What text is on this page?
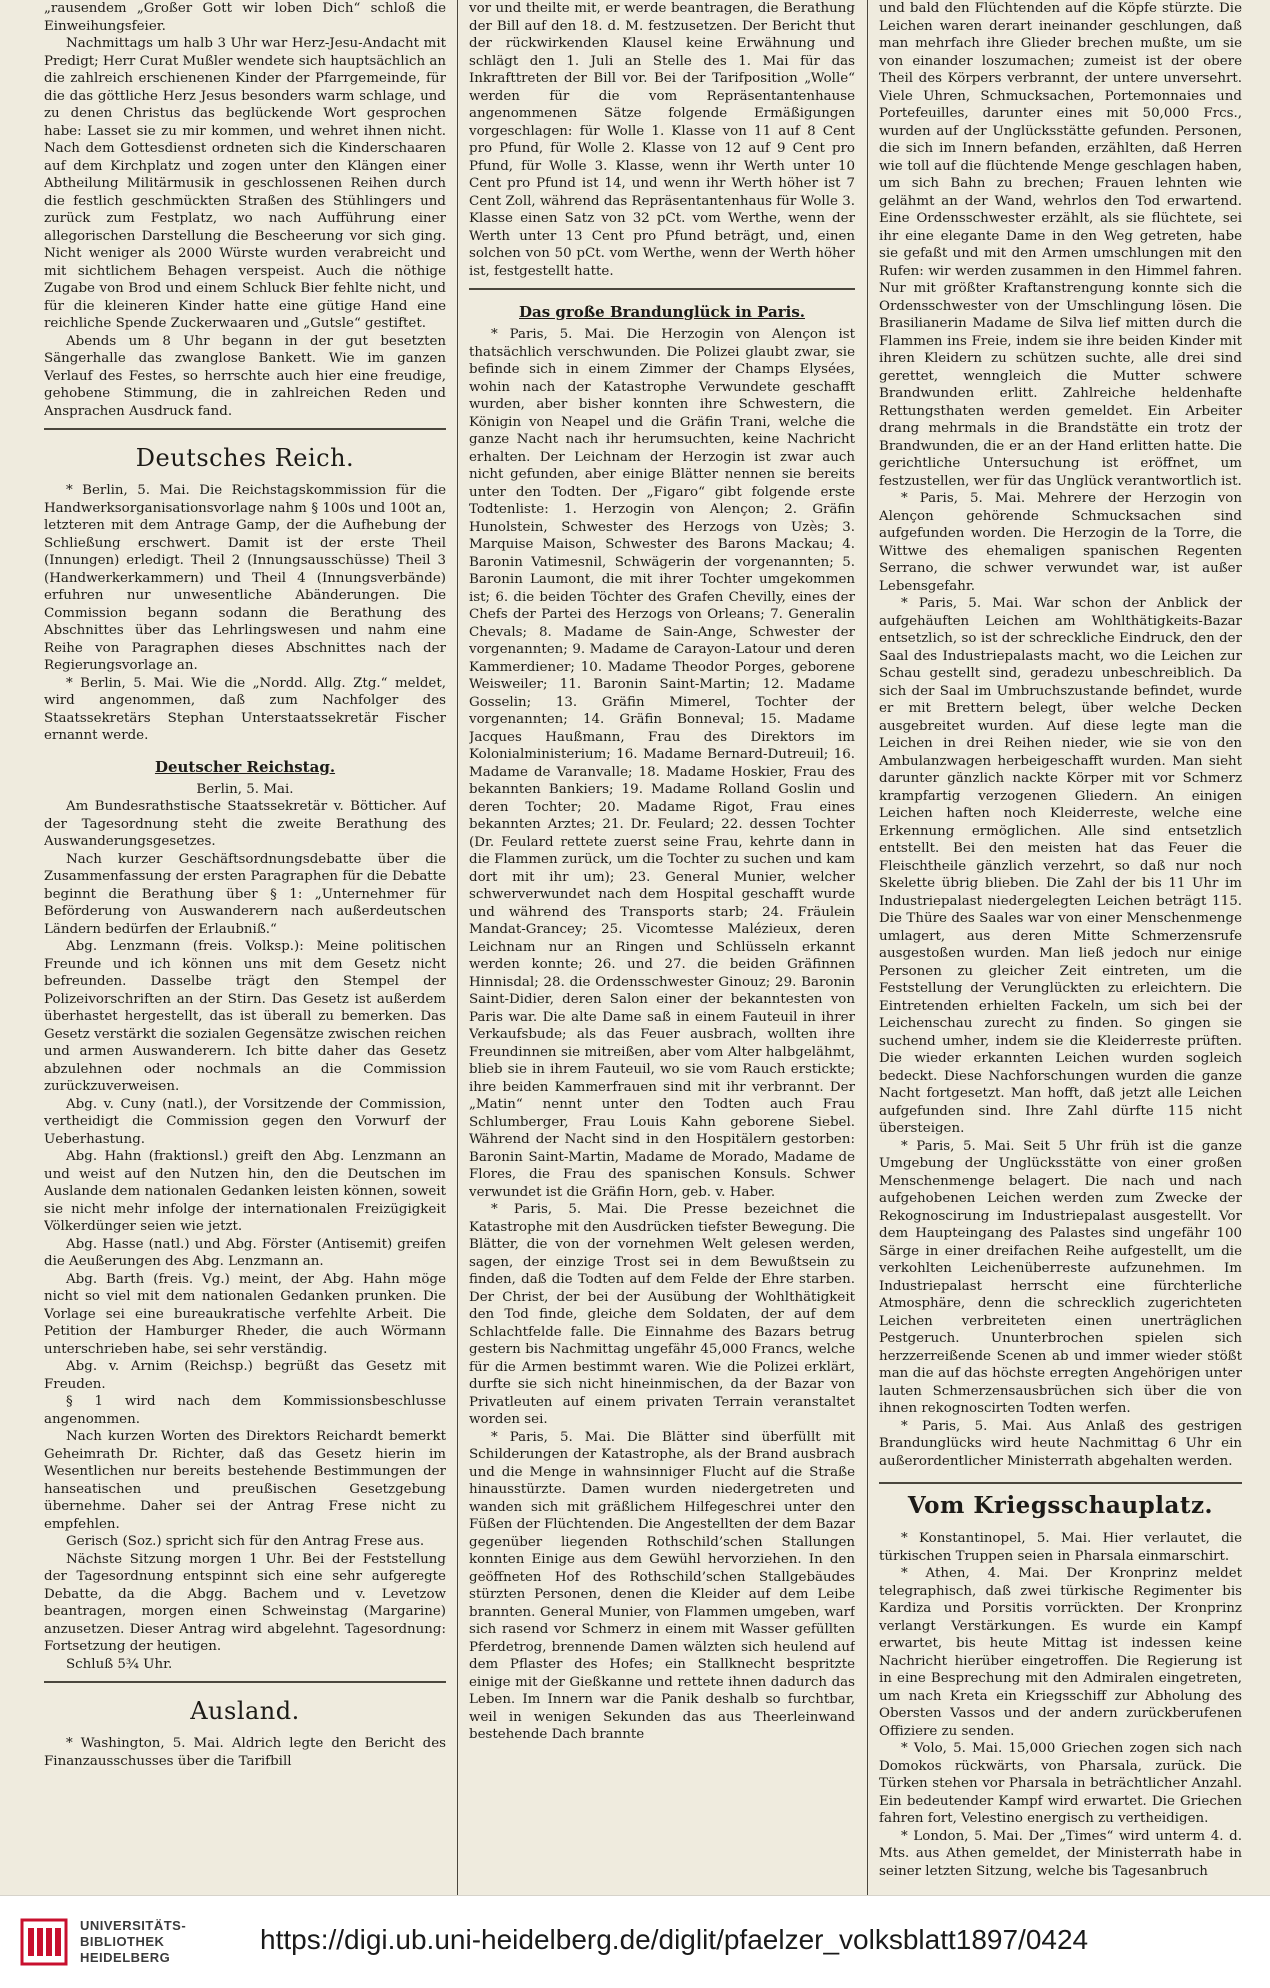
„rausendem „Großer Gott wir loben Dich“ schloß die Einweihungsfeier.

Nachmittags um halb 3 Uhr war Herz-Jesu-Andacht mit Predigt; Herr Curat Mußler wendete sich hauptsächlich an die zahlreich erschienenen Kinder der Pfarrgemeinde, für die das göttliche Herz Jesus besonders warm schlage, und zu denen Christus das beglückende Wort gesprochen habe: Lasset sie zu mir kommen, und wehret ihnen nicht. Nach dem Gottesdienst ordneten sich die Kinderschaaren auf dem Kirchplatz und zogen unter den Klängen einer Abtheilung Militärmusik in geschlossenen Reihen durch die festlich geschmückten Straßen des Stühlingers und zurück zum Festplatz, wo nach Aufführung einer allegorischen Darstellung die Bescheerung vor sich ging. Nicht weniger als 2000 Würste wurden verabreicht und mit sichtlichem Behagen verspeist. Auch die nöthige Zugabe von Brod und einem Schluck Bier fehlte nicht, und für die kleineren Kinder hatte eine gütige Hand eine reichliche Spende Zuckerwaaren und „Gutsle“ gestiftet.

Abends um 8 Uhr begann in der gut besetzten Sängerhalle das zwanglose Bankett. Wie im ganzen Verlauf des Festes, so herrschte auch hier eine freudige, gehobene Stimmung, die in zahlreichen Reden und Ansprachen Ausdruck fand.

Deutsches Reich.

* Berlin, 5. Mai. Die Reichstagskommission für die Handwerksorganisationsvorlage nahm § 100s und 100t an, letzteren mit dem Antrage Gamp, der die Aufhebung der Schließung erschwert. Damit ist der erste Theil (Innungen) erledigt. Theil 2 (Innungsausschüsse) Theil 3 (Handwerkerkammern) und Theil 4 (Innungsverbände) erfuhren nur unwesentliche Abänderungen. Die Commission begann sodann die Berathung des Abschnittes über das Lehrlingswesen und nahm eine Reihe von Paragraphen dieses Abschnittes nach der Regierungsvorlage an.

* Berlin, 5. Mai. Wie die „Nordd. Allg. Ztg.“ meldet, wird angenommen, daß zum Nachfolger des Staatssekretärs Stephan Unterstaatssekretär Fischer ernannt werde.

Deutscher Reichstag.

Berlin, 5. Mai.

Am Bundesrathstische Staatssekretär v. Bötticher. Auf der Tagesordnung steht die zweite Berathung des Auswanderungsgesetzes.

Nach kurzer Geschäftsordnungsdebatte über die Zusammenfassung der ersten Paragraphen für die Debatte beginnt die Berathung über § 1: „Unternehmer für Beförderung von Auswanderern nach außerdeutschen Ländern bedürfen der Erlaubniß.“

Abg. Lenzmann (freis. Volksp.): Meine politischen Freunde und ich können uns mit dem Gesetz nicht befreunden. Dasselbe trägt den Stempel der Polizeivorschriften an der Stirn. Das Gesetz ist außerdem überhastet hergestellt, das ist überall zu bemerken. Das Gesetz verstärkt die sozialen Gegensätze zwischen reichen und armen Auswanderern. Ich bitte daher das Gesetz abzulehnen oder nochmals an die Commission zurückzuverweisen.

Abg. v. Cuny (natl.), der Vorsitzende der Commission, vertheidigt die Commission gegen den Vorwurf der Ueberhastung.

Abg. Hahn (fraktionsl.) greift den Abg. Lenzmann an und weist auf den Nutzen hin, den die Deutschen im Auslande dem nationalen Gedanken leisten können, soweit sie nicht mehr infolge der internationalen Freizügigkeit Völkerdünger seien wie jetzt.

Abg. Hasse (natl.) und Abg. Förster (Antisemit) greifen die Aeußerungen des Abg. Lenzmann an.

Abg. Barth (freis. Vg.) meint, der Abg. Hahn möge nicht so viel mit dem nationalen Gedanken prunken. Die Vorlage sei eine bureaukratische verfehlte Arbeit. Die Petition der Hamburger Rheder, die auch Wörmann unterschrieben habe, sei sehr verständig.

Abg. v. Arnim (Reichsp.) begrüßt das Gesetz mit Freuden.

§ 1 wird nach dem Kommissionsbeschlusse angenommen.

Nach kurzen Worten des Direktors Reichardt bemerkt Geheimrath Dr. Richter, daß das Gesetz hierin im Wesentlichen nur bereits bestehende Bestimmungen der hanseatischen und preußischen Gesetzgebung übernehme. Daher sei der Antrag Frese nicht zu empfehlen.

Gerisch (Soz.) spricht sich für den Antrag Frese aus.

Nächste Sitzung morgen 1 Uhr. Bei der Feststellung der Tagesordnung entspinnt sich eine sehr aufgeregte Debatte, da die Abgg. Bachem und v. Levetzow beantragen, morgen einen Schweinstag (Margarine) anzusetzen. Dieser Antrag wird abgelehnt. Tagesordnung: Fortsetzung der heutigen.

Schluß 5¾ Uhr.

Ausland.

* Washington, 5. Mai. Aldrich legte den Bericht des Finanzausschusses über die Tarifbill

vor und theilte mit, er werde beantragen, die Berathung der Bill auf den 18. d. M. festzusetzen. Der Bericht thut der rückwirkenden Klausel keine Erwähnung und schlägt den 1. Juli an Stelle des 1. Mai für das Inkrafttreten der Bill vor. Bei der Tarifposition „Wolle“ werden für die vom Repräsentantenhause angenommenen Sätze folgende Ermäßigungen vorgeschlagen: für Wolle 1. Klasse von 11 auf 8 Cent pro Pfund, für Wolle 2. Klasse von 12 auf 9 Cent pro Pfund, für Wolle 3. Klasse, wenn ihr Werth unter 10 Cent pro Pfund ist 14, und wenn ihr Werth höher ist 7 Cent Zoll, während das Repräsentantenhaus für Wolle 3. Klasse einen Satz von 32 pCt. vom Werthe, wenn der Werth unter 13 Cent pro Pfund beträgt, und, einen solchen von 50 pCt. vom Werthe, wenn der Werth höher ist, festgestellt hatte.

Das große Brandunglück in Paris.

* Paris, 5. Mai. Die Herzogin von Alençon ist thatsächlich verschwunden. Die Polizei glaubt zwar, sie befinde sich in einem Zimmer der Champs Elysées, wohin nach der Katastrophe Verwundete geschafft wurden, aber bisher konnten ihre Schwestern, die Königin von Neapel und die Gräfin Trani, welche die ganze Nacht nach ihr herumsuchten, keine Nachricht erhalten. Der Leichnam der Herzogin ist zwar auch nicht gefunden, aber einige Blätter nennen sie bereits unter den Todten. Der „Figaro“ gibt folgende erste Todtenliste: 1. Herzogin von Alençon; 2. Gräfin Hunolstein, Schwester des Herzogs von Uzès; 3. Marquise Maison, Schwester des Barons Mackau; 4. Baronin Vatimesnil, Schwägerin der vorgenannten; 5. Baronin Laumont, die mit ihrer Tochter umgekommen ist; 6. die beiden Töchter des Grafen Chevilly, eines der Chefs der Partei des Herzogs von Orleans; 7. Generalin Chevals; 8. Madame de Sain-Ange, Schwester der vorgenannten; 9. Madame de Carayon-Latour und deren Kammerdiener; 10. Madame Theodor Porges, geborene Weisweiler; 11. Baronin Saint-Martin; 12. Madame Gosselin; 13. Gräfin Mimerel, Tochter der vorgenannten; 14. Gräfin Bonneval; 15. Madame Jacques Haußmann, Frau des Direktors im Kolonialministerium; 16. Madame Bernard-Dutreuil; 16. Madame de Varanvalle; 18. Madame Hoskier, Frau des bekannten Bankiers; 19. Madame Rolland Goslin und deren Tochter; 20. Madame Rigot, Frau eines bekannten Arztes; 21. Dr. Feulard; 22. dessen Tochter (Dr. Feulard rettete zuerst seine Frau, kehrte dann in die Flammen zurück, um die Tochter zu suchen und kam dort mit ihr um); 23. General Munier, welcher schwerverwundet nach dem Hospital geschafft wurde und während des Transports starb; 24. Fräulein Mandat-Grancey; 25. Vicomtesse Malézieux, deren Leichnam nur an Ringen und Schlüsseln erkannt werden konnte; 26. und 27. die beiden Gräfinnen Hinnisdal; 28. die Ordensschwester Ginouz; 29. Baronin Saint-Didier, deren Salon einer der bekanntesten von Paris war. Die alte Dame saß in einem Fauteuil in ihrer Verkaufsbude; als das Feuer ausbrach, wollten ihre Freundinnen sie mitreißen, aber vom Alter halbgelähmt, blieb sie in ihrem Fauteuil, wo sie vom Rauch erstickte; ihre beiden Kammerfrauen sind mit ihr verbrannt. Der „Matin“ nennt unter den Todten auch Frau Schlumberger, Frau Louis Kahn geborene Siebel. Während der Nacht sind in den Hospitälern gestorben: Baronin Saint-Martin, Madame de Morado, Madame de Flores, die Frau des spanischen Konsuls. Schwer verwundet ist die Gräfin Horn, geb. v. Haber.

* Paris, 5. Mai. Die Presse bezeichnet die Katastrophe mit den Ausdrücken tiefster Bewegung. Die Blätter, die von der vornehmen Welt gelesen werden, sagen, der einzige Trost sei in dem Bewußtsein zu finden, daß die Todten auf dem Felde der Ehre starben. Der Christ, der bei der Ausübung der Wohlthätigkeit den Tod finde, gleiche dem Soldaten, der auf dem Schlachtfelde falle. Die Einnahme des Bazars betrug gestern bis Nachmittag ungefähr 45,000 Francs, welche für die Armen bestimmt waren. Wie die Polizei erklärt, durfte sie sich nicht hineinmischen, da der Bazar von Privatleuten auf einem privaten Terrain veranstaltet worden sei.

* Paris, 5. Mai. Die Blätter sind überfüllt mit Schilderungen der Katastrophe, als der Brand ausbrach und die Menge in wahnsinniger Flucht auf die Straße hinausstürzte. Damen wurden niedergetreten und wanden sich mit gräßlichem Hilfegeschrei unter den Füßen der Flüchtenden. Die Angestellten der dem Bazar gegenüber liegenden Rothschild’schen Stallungen konnten Einige aus dem Gewühl hervorziehen. In den geöffneten Hof des Rothschild’schen Stallgebäudes stürzten Personen, denen die Kleider auf dem Leibe brannten. General Munier, von Flammen umgeben, warf sich rasend vor Schmerz in einem mit Wasser gefüllten Pferdetrog, brennende Damen wälzten sich heulend auf dem Pflaster des Hofes; ein Stallknecht bespritzte einige mit der Gießkanne und rettete ihnen dadurch das Leben. Im Innern war die Panik deshalb so furchtbar, weil in wenigen Sekunden das aus Theerleinwand bestehende Dach brannte

und bald den Flüchtenden auf die Köpfe stürzte. Die Leichen waren derart ineinander geschlungen, daß man mehrfach ihre Glieder brechen mußte, um sie von einander loszumachen; zumeist ist der obere Theil des Körpers verbrannt, der untere unversehrt. Viele Uhren, Schmucksachen, Portemonnaies und Portefeuilles, darunter eines mit 50,000 Frcs., wurden auf der Unglücksstätte gefunden. Personen, die sich im Innern befanden, erzählten, daß Herren wie toll auf die flüchtende Menge geschlagen haben, um sich Bahn zu brechen; Frauen lehnten wie gelähmt an der Wand, wehrlos den Tod erwartend. Eine Ordensschwester erzählt, als sie flüchtete, sei ihr eine elegante Dame in den Weg getreten, habe sie gefaßt und mit den Armen umschlungen mit den Rufen: wir werden zusammen in den Himmel fahren. Nur mit größter Kraftanstrengung konnte sich die Ordensschwester von der Umschlingung lösen. Die Brasilianerin Madame de Silva lief mitten durch die Flammen ins Freie, indem sie ihre beiden Kinder mit ihren Kleidern zu schützen suchte, alle drei sind gerettet, wenngleich die Mutter schwere Brandwunden erlitt. Zahlreiche heldenhafte Rettungsthaten werden gemeldet. Ein Arbeiter drang mehrmals in die Brandstätte ein trotz der Brandwunden, die er an der Hand erlitten hatte. Die gerichtliche Untersuchung ist eröffnet, um festzustellen, wer für das Unglück verantwortlich ist.

* Paris, 5. Mai. Mehrere der Herzogin von Alençon gehörende Schmucksachen sind aufgefunden worden. Die Herzogin de la Torre, die Wittwe des ehemaligen spanischen Regenten Serrano, die schwer verwundet war, ist außer Lebensgefahr.

* Paris, 5. Mai. War schon der Anblick der aufgehäuften Leichen am Wohlthätigkeits-Bazar entsetzlich, so ist der schreckliche Eindruck, den der Saal des Industriepalasts macht, wo die Leichen zur Schau gestellt sind, geradezu unbeschreiblich. Da sich der Saal im Umbruchszustande befindet, wurde er mit Brettern belegt, über welche Decken ausgebreitet wurden. Auf diese legte man die Leichen in drei Reihen nieder, wie sie von den Ambulanzwagen herbeigeschafft wurden. Man sieht darunter gänzlich nackte Körper mit vor Schmerz krampfartig verzogenen Gliedern. An einigen Leichen haften noch Kleiderreste, welche eine Erkennung ermöglichen. Alle sind entsetzlich entstellt. Bei den meisten hat das Feuer die Fleischtheile gänzlich verzehrt, so daß nur noch Skelette übrig blieben. Die Zahl der bis 11 Uhr im Industriepalast niedergelegten Leichen beträgt 115. Die Thüre des Saales war von einer Menschenmenge umlagert, aus deren Mitte Schmerzensrufe ausgestoßen wurden. Man ließ jedoch nur einige Personen zu gleicher Zeit eintreten, um die Feststellung der Verunglückten zu erleichtern. Die Eintretenden erhielten Fackeln, um sich bei der Leichenschau zurecht zu finden. So gingen sie suchend umher, indem sie die Kleiderreste prüften. Die wieder erkannten Leichen wurden sogleich bedeckt. Diese Nachforschungen wurden die ganze Nacht fortgesetzt. Man hofft, daß jetzt alle Leichen aufgefunden sind. Ihre Zahl dürfte 115 nicht übersteigen.

* Paris, 5. Mai. Seit 5 Uhr früh ist die ganze Umgebung der Unglücksstätte von einer großen Menschenmenge belagert. Die nach und nach aufgehobenen Leichen werden zum Zwecke der Rekognoscirung im Industriepalast ausgestellt. Vor dem Haupteingang des Palastes sind ungefähr 100 Särge in einer dreifachen Reihe aufgestellt, um die verkohlten Leichenüberreste aufzunehmen. Im Industriepalast herrscht eine fürchterliche Atmosphäre, denn die schrecklich zugerichteten Leichen verbreiteten einen unerträglichen Pestgeruch. Ununterbrochen spielen sich herzzerreißende Scenen ab und immer wieder stößt man die auf das höchste erregten Angehörigen unter lauten Schmerzensausbrüchen sich über die von ihnen rekognoscirten Todten werfen.

* Paris, 5. Mai. Aus Anlaß des gestrigen Brandunglücks wird heute Nachmittag 6 Uhr ein außerordentlicher Ministerrath abgehalten werden.

Vom Kriegsschauplatz.

* Konstantinopel, 5. Mai. Hier verlautet, die türkischen Truppen seien in Pharsala einmarschirt.

* Athen, 4. Mai. Der Kronprinz meldet telegraphisch, daß zwei türkische Regimenter bis Kardiza und Porsitis vorrückten. Der Kronprinz verlangt Verstärkungen. Es wurde ein Kampf erwartet, bis heute Mittag ist indessen keine Nachricht hierüber eingetroffen. Die Regierung ist in eine Besprechung mit den Admiralen eingetreten, um nach Kreta ein Kriegsschiff zur Abholung des Obersten Vassos und der andern zurückberufenen Offiziere zu senden.

* Volo, 5. Mai. 15,000 Griechen zogen sich nach Domokos rückwärts, von Pharsala, zurück. Die Türken stehen vor Pharsala in beträchtlicher Anzahl. Ein bedeutender Kampf wird erwartet. Die Griechen fahren fort, Velestino energisch zu vertheidigen.

* London, 5. Mai. Der „Times“ wird unterm 4. d. Mts. aus Athen gemeldet, der Ministerrath habe in seiner letzten Sitzung, welche bis Tagesanbruch

UNIVERSITÄTS-
BIBLIOTHEK
HEIDELBERG
https://digi.ub.uni-heidelberg.de/diglit/pfaelzer_volksblatt1897/0424
